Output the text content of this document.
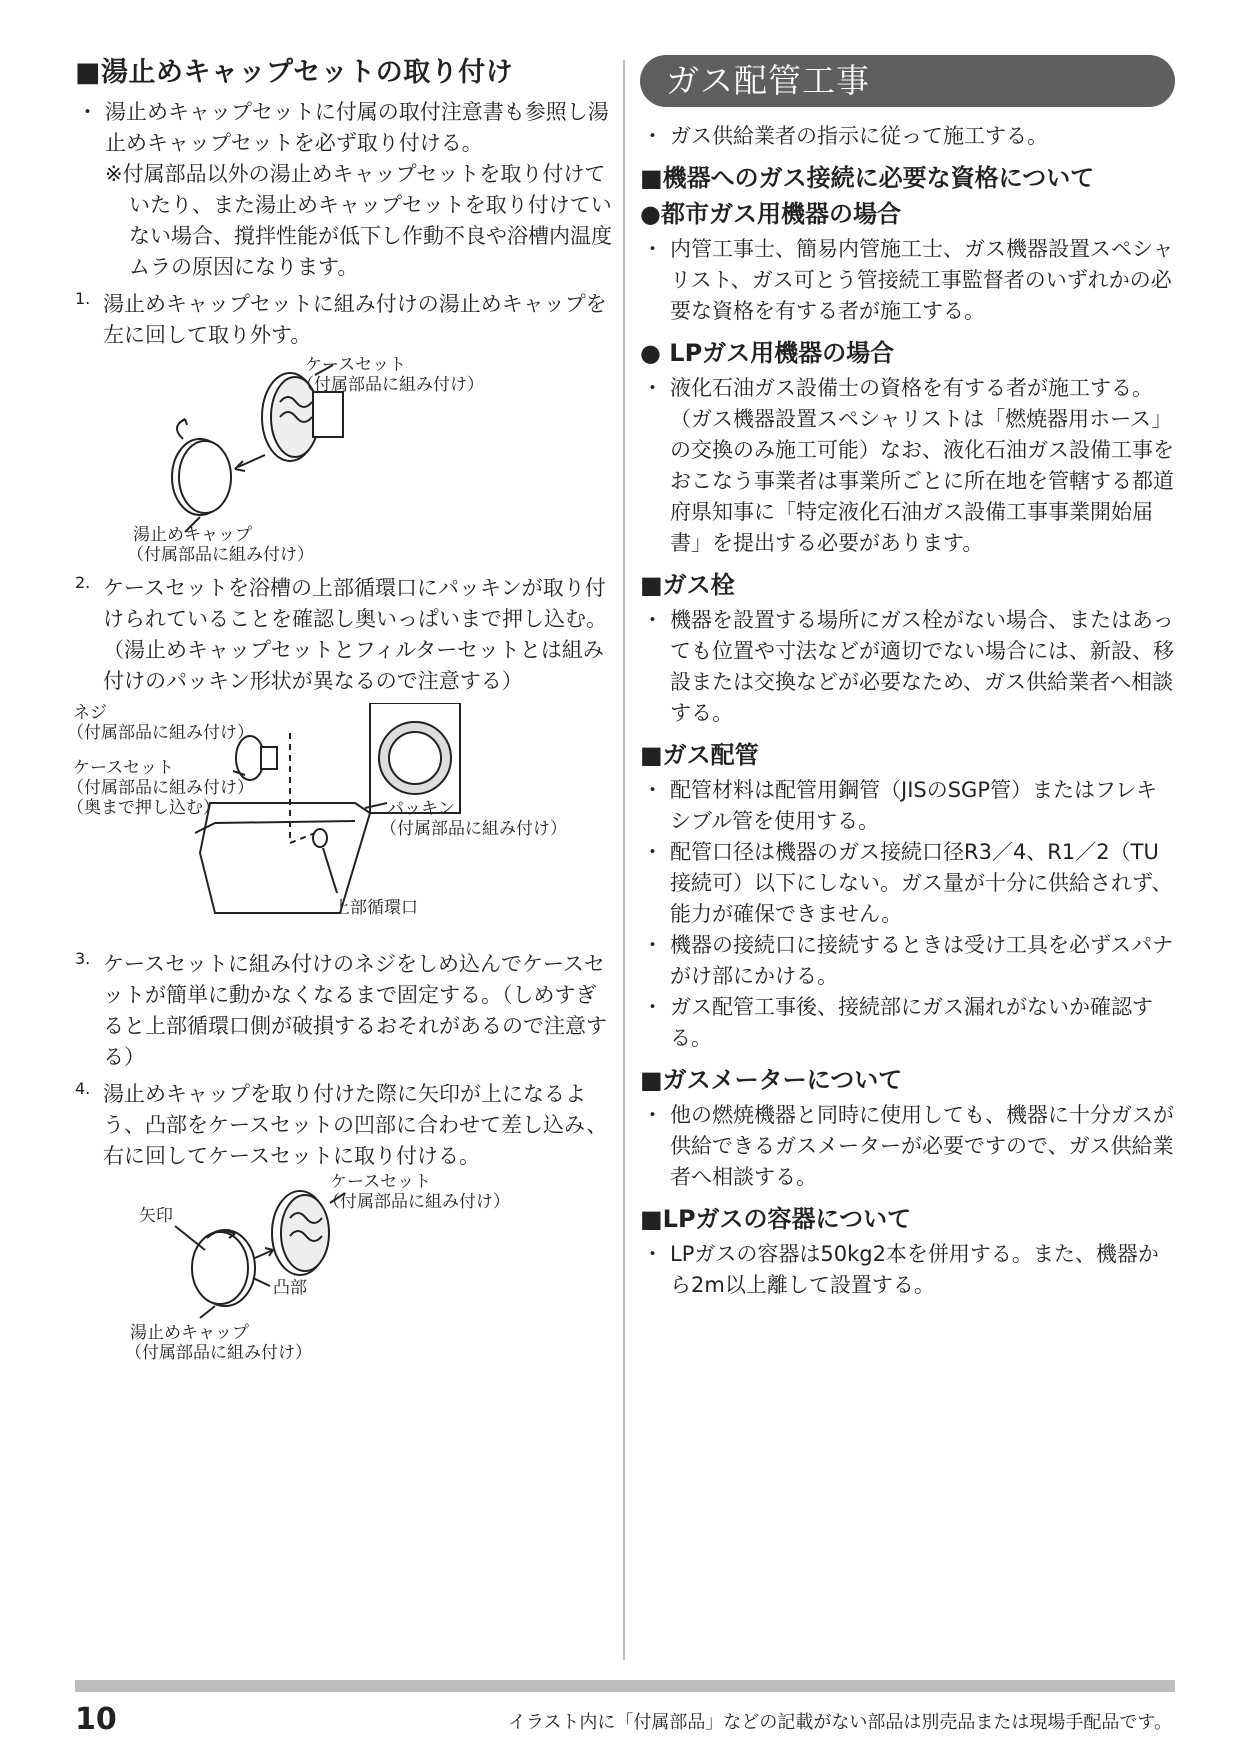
■湯止めキャップセットの取り付け

・ 湯止めキャップセットに付属の取付注意書も参照し湯止めキャップセットを必ず取り付ける。

※付属部品以外の湯止めキャップセットを取り付けていたり、また湯止めキャップセットを取り付けていない場合、撹拌性能が低下し作動不良や浴槽内温度ムラの原因になります。

1. 湯止めキャップセットに組み付けの湯止めキャップを左に回して取り外す。

ケースセット
（付属部品に組み付け）
湯止めキャップ
（付属部品に組み付け）
2. ケースセットを浴槽の上部循環口にパッキンが取り付けられていることを確認し奥いっぱいまで押し込む。（湯止めキャップセットとフィルターセットとは組み付けのパッキン形状が異なるので注意する）

ネジ
（付属部品に組み付け）
ケースセット
（付属部品に組み付け）
（奥まで押し込む）	パッキン
（付属部品に組み付け）
上部循環口
3. ケースセットに組み付けのネジをしめ込んでケースセットが簡単に動かなくなるまで固定する。（しめすぎると上部循環口側が破損するおそれがあるので注意する）

4. 湯止めキャップを取り付けた際に矢印が上になるよう、凸部をケースセットの凹部に合わせて差し込み、右に回してケースセットに取り付ける。

ケースセット
（付属部品に組み付け）
矢印
凸部
湯止めキャップ
（付属部品に組み付け）
ガス配管工事

・ ガス供給業者の指示に従って施工する。

■機器へのガス接続に必要な資格について
●都市ガス用機器の場合

・ 内管工事士、簡易内管施工士、ガス機器設置スペシャリスト、ガス可とう管接続工事監督者のいずれかの必要な資格を有する者が施工する。

● LPガス用機器の場合

・ 液化石油ガス設備士の資格を有する者が施工する。（ガス機器設置スペシャリストは「燃焼器用ホース」の交換のみ施工可能）なお、液化石油ガス設備工事をおこなう事業者は事業所ごとに所在地を管轄する都道府県知事に「特定液化石油ガス設備工事事業開始届書」を提出する必要があります。

■ガス栓

・ 機器を設置する場所にガス栓がない場合、またはあっても位置や寸法などが適切でない場合には、新設、移設または交換などが必要なため、ガス供給業者へ相談する。

■ガス配管

・ 配管材料は配管用鋼管（JISのSGP管）またはフレキシブル管を使用する。

・ 配管口径は機器のガス接続口径R3／4、R1／2（TU接続可）以下にしない。ガス量が十分に供給されず、能力が確保できません。

・ 機器の接続口に接続するときは受け工具を必ずスパナがけ部にかける。

・ ガス配管工事後、接続部にガス漏れがないか確認する。

■ガスメーターについて

・ 他の燃焼機器と同時に使用しても、機器に十分ガスが供給できるガスメーターが必要ですので、ガス供給業者へ相談する。

■LPガスの容器について

・ LPガスの容器は50kg2本を併用する。また、機器から2m以上離して設置する。

10	イラスト内に「付属部品」などの記載がない部品は別売品または現場手配品です。
